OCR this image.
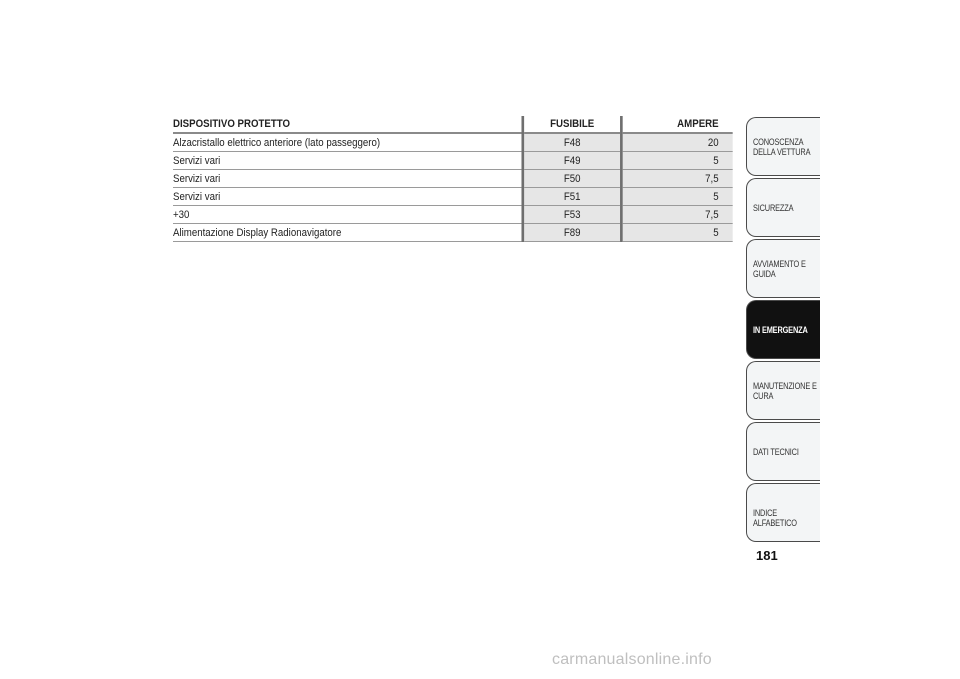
DISPOSITIVO PROTETTO	FUSIBILE	AMPERE
Alzacristallo elettrico anteriore (lato passeggero)	F48	20
Servizi vari	F49	5
Servizi vari	F50	7,5
Servizi vari	F51	5
+30	F53	7,5
Alimentazione Display Radionavigatore	F89	5
CONOSCENZA
DELLA VETTURA
SICUREZZA
AVVIAMENTO E
GUIDA
IN EMERGENZA
MANUTENZIONE E
CURA
DATI TECNICI
INDICE ALFABETICO
181
carmanualsonline.info
